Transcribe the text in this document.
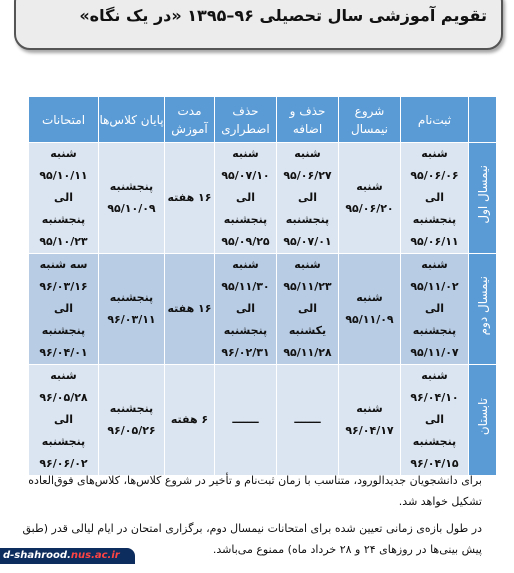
تقویم آموزشی سال تحصیلی ۹۶–۱۳۹۵ «در یک نگاه»
	ثبت‌نام	شروع نیمسال	حذف و اضافه	حذف اضطراری	مدت آموزش	پایان کلاس‌ها	امتحانات
نیمسال اول	شنبه
۹۵/۰۶/۰۶
الی
پنجشنبه
۹۵/۰۶/۱۱	شنبه
۹۵/۰۶/۲۰	شنبه
۹۵/۰۶/۲۷
الی
پنجشنبه
۹۵/۰۷/۰۱	شنبه
۹۵/۰۷/۱۰
الی
پنجشنبه
۹۵/۰۹/۲۵	۱۶ هفته	پنجشنبه
۹۵/۱۰/۰۹	شنبه
۹۵/۱۰/۱۱
الی
پنجشنبه
۹۵/۱۰/۲۳
نیمسال دوم	شنبه
۹۵/۱۱/۰۲
الی
پنجشنبه
۹۵/۱۱/۰۷	شنبه
۹۵/۱۱/۰۹	شنبه
۹۵/۱۱/۲۳
الی
یکشنبه
۹۵/۱۱/۲۸	شنبه
۹۵/۱۱/۳۰
الی
پنجشنبه
۹۶/۰۲/۳۱	۱۶ هفته	پنجشنبه
۹۶/۰۳/۱۱	سه شنبه
۹۶/۰۳/۱۶
الی
پنجشنبه
۹۶/۰۴/۰۱
تابستان	شنبه
۹۶/۰۴/۱۰
الی
پنجشنبه
۹۶/۰۴/۱۵	شنبه
۹۶/۰۴/۱۷	ـــــــ	ـــــــ	۶ هفته	پنجشنبه
۹۶/۰۵/۲۶	شنبه
۹۶/۰۵/۲۸
الی
پنجشنبه
۹۶/۰۶/۰۲

برای دانشجویان جدیدالورود، متناسب با زمان ثبت‌نام و تأخیر در شروع کلاس‌ها، کلاس‌های فوق‌العاده تشکیل خواهد شد.

در طول بازه‌ی زمانی تعیین شده برای امتحانات نیمسال دوم، برگزاری امتحان در ایام لیالی قدر (طبق پیش بینی‌ها در روزهای ۲۴ و ۲۸ خرداد ماه) ممنوع می‌باشد.

d-shahrood.nus.ac.ir
